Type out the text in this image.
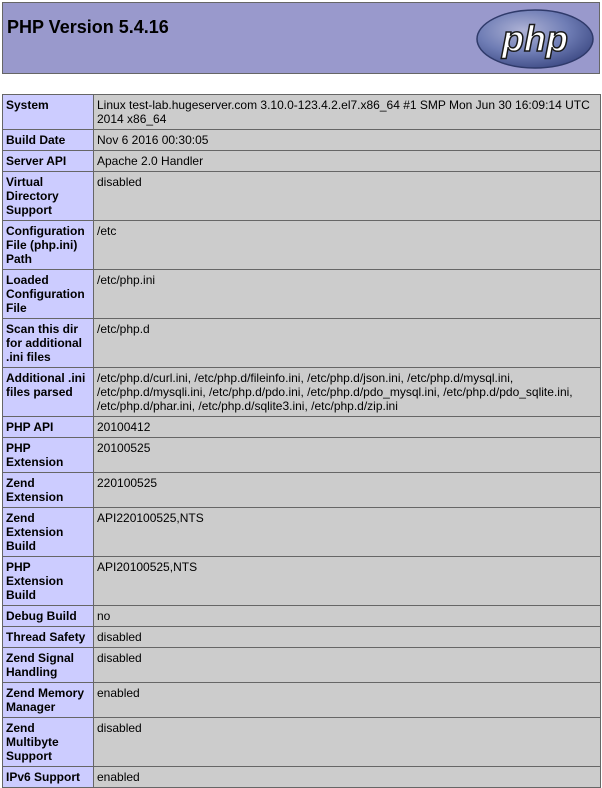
PHP Version 5.4.16	php
System	Linux test-lab.hugeserver.com 3.10.0-123.4.2.el7.x86_64 #1 SMP Mon Jun 30 16:09:14 UTC 2014 x86_64
Build Date	Nov 6 2016 00:30:05
Server API	Apache 2.0 Handler
Virtual Directory Support	disabled
Configuration File (php.ini) Path	/etc
Loaded Configuration File	/etc/php.ini
Scan this dir for additional .ini files	/etc/php.d
Additional .ini files parsed	/etc/php.d/curl.ini, /etc/php.d/fileinfo.ini, /etc/php.d/json.ini, /etc/php.d/mysql.ini, /etc/php.d/mysqli.ini, /etc/php.d/pdo.ini, /etc/php.d/pdo_mysql.ini, /etc/php.d/pdo_sqlite.ini, /etc/php.d/phar.ini, /etc/php.d/sqlite3.ini, /etc/php.d/zip.ini
PHP API	20100412
PHP Extension	20100525
Zend Extension	220100525
Zend Extension Build	API220100525,NTS
PHP Extension Build	API20100525,NTS
Debug Build	no
Thread Safety	disabled
Zend Signal Handling	disabled
Zend Memory Manager	enabled
Zend Multibyte Support	disabled
IPv6 Support	enabled
